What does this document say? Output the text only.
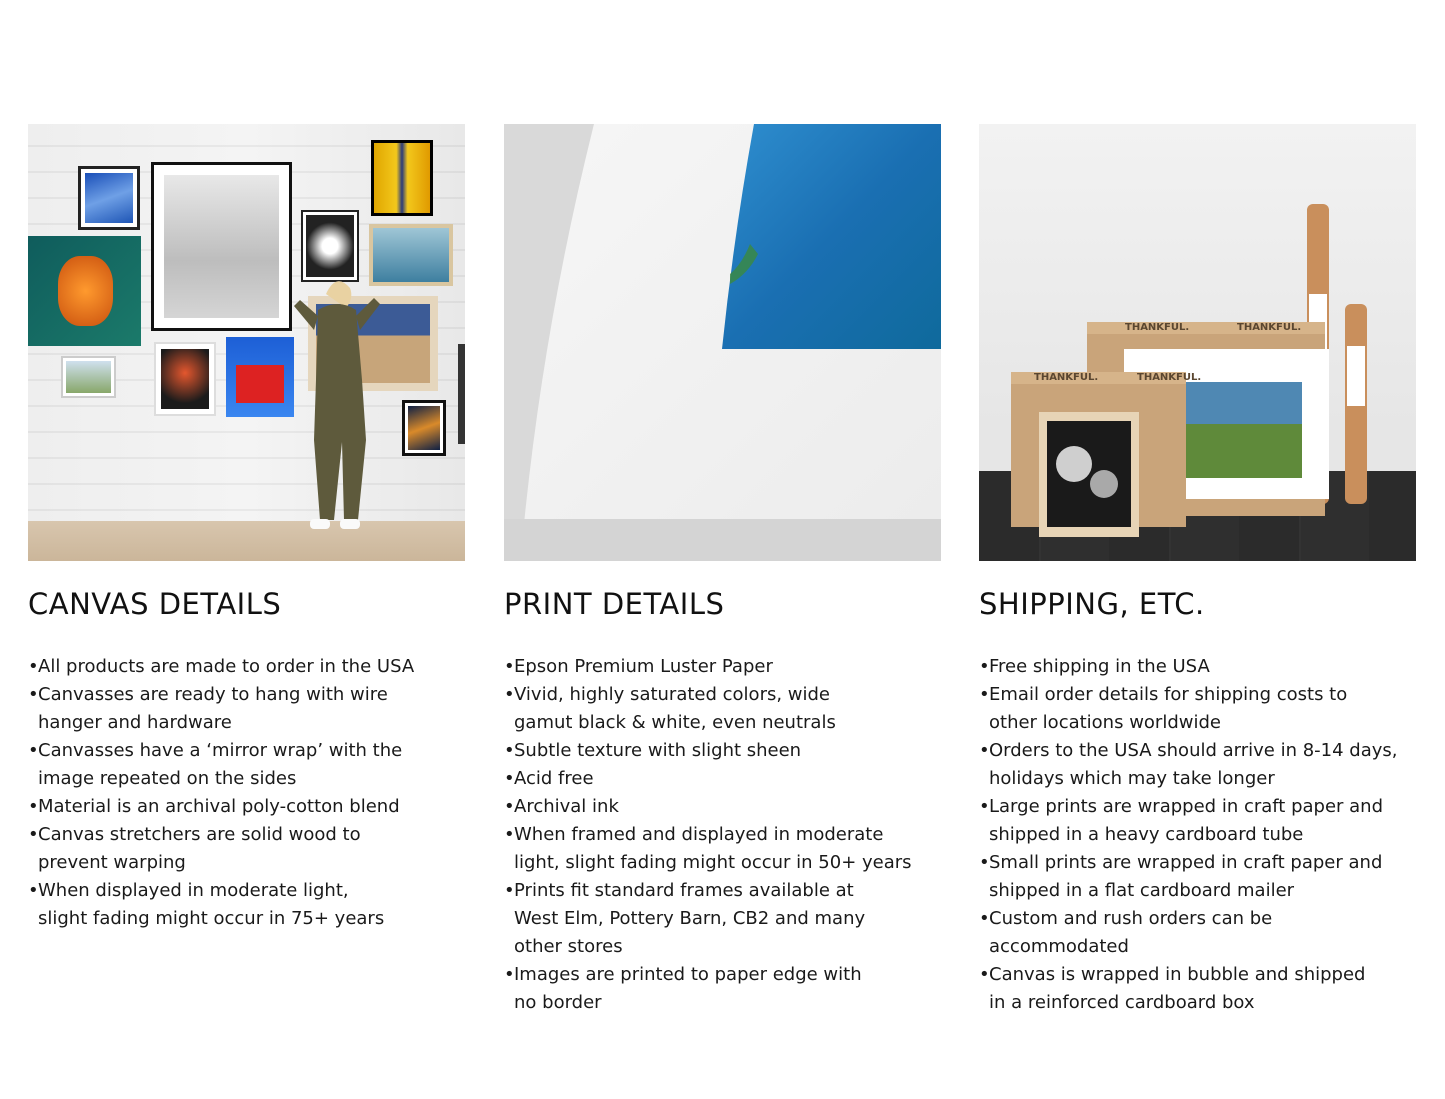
CANVAS DETAILS
•All products are made to order in the USA
•Canvasses are ready to hang with wire
hanger and hardware
•Canvasses have a ‘mirror wrap’ with the
image repeated on the sides
•Material is an archival poly-cotton blend
•Canvas stretchers are solid wood to
prevent warping
•When displayed in moderate light,
slight fading might occur in 75+ years
PRINT DETAILS
•Epson Premium Luster Paper
•Vivid, highly saturated colors, wide
gamut black & white, even neutrals
•Subtle texture with slight sheen
•Acid free
•Archival ink
•When framed and displayed in moderate
light, slight fading might occur in 50+ years
•Prints fit standard frames available at
West Elm, Pottery Barn, CB2 and many
other stores
•Images are printed to paper edge with
no border
THANKFUL.	THANKFUL.
THANKFUL.	THANKFUL.
SHIPPING, ETC.
•Free shipping in the USA
•Email order details for shipping costs to
other locations worldwide
•Orders to the USA should arrive in 8-14 days,
holidays which may take longer
•Large prints are wrapped in craft paper and
shipped in a heavy cardboard tube
•Small prints are wrapped in craft paper and
shipped in a flat cardboard mailer
•Custom and rush orders can be
accommodated
•Canvas is wrapped in bubble and shipped
in a reinforced cardboard box
